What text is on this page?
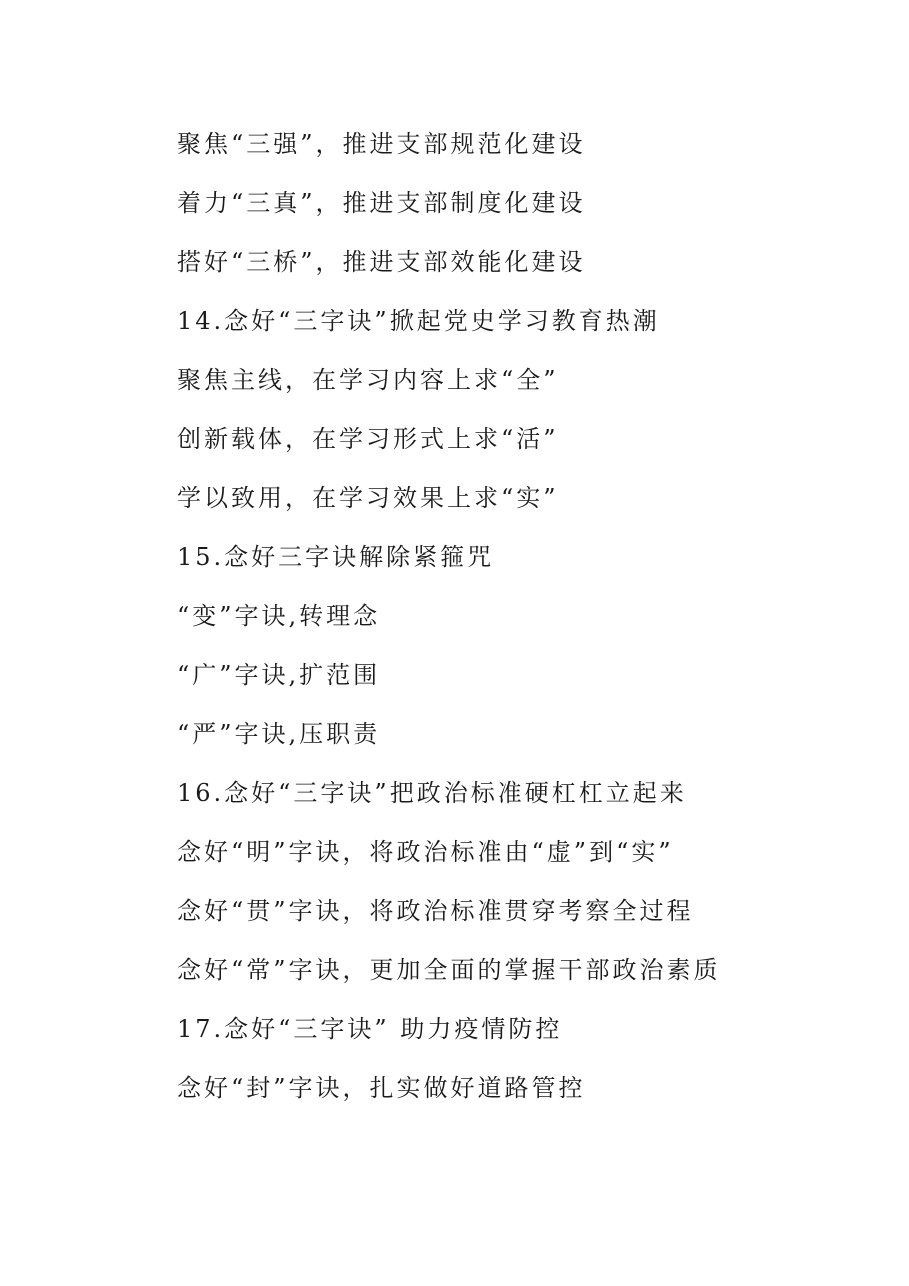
聚焦“三强”，推进支部规范化建设
着力“三真”，推进支部制度化建设
搭好“三桥”，推进支部效能化建设
14.念好“三字诀”掀起党史学习教育热潮
聚焦主线，在学习内容上求“全”
创新载体，在学习形式上求“活”
学以致用，在学习效果上求“实”
15.念好三字诀解除紧箍咒
“变”字诀,转理念
“广”字诀,扩范围
“严”字诀,压职责
16.念好“三字诀”把政治标准硬杠杠立起来
念好“明”字诀，将政治标准由“虚”到“实”
念好“贯”字诀，将政治标准贯穿考察全过程
念好“常”字诀，更加全面的掌握干部政治素质
17.念好“三字诀” 助力疫情防控
念好“封”字诀，扎实做好道路管控
